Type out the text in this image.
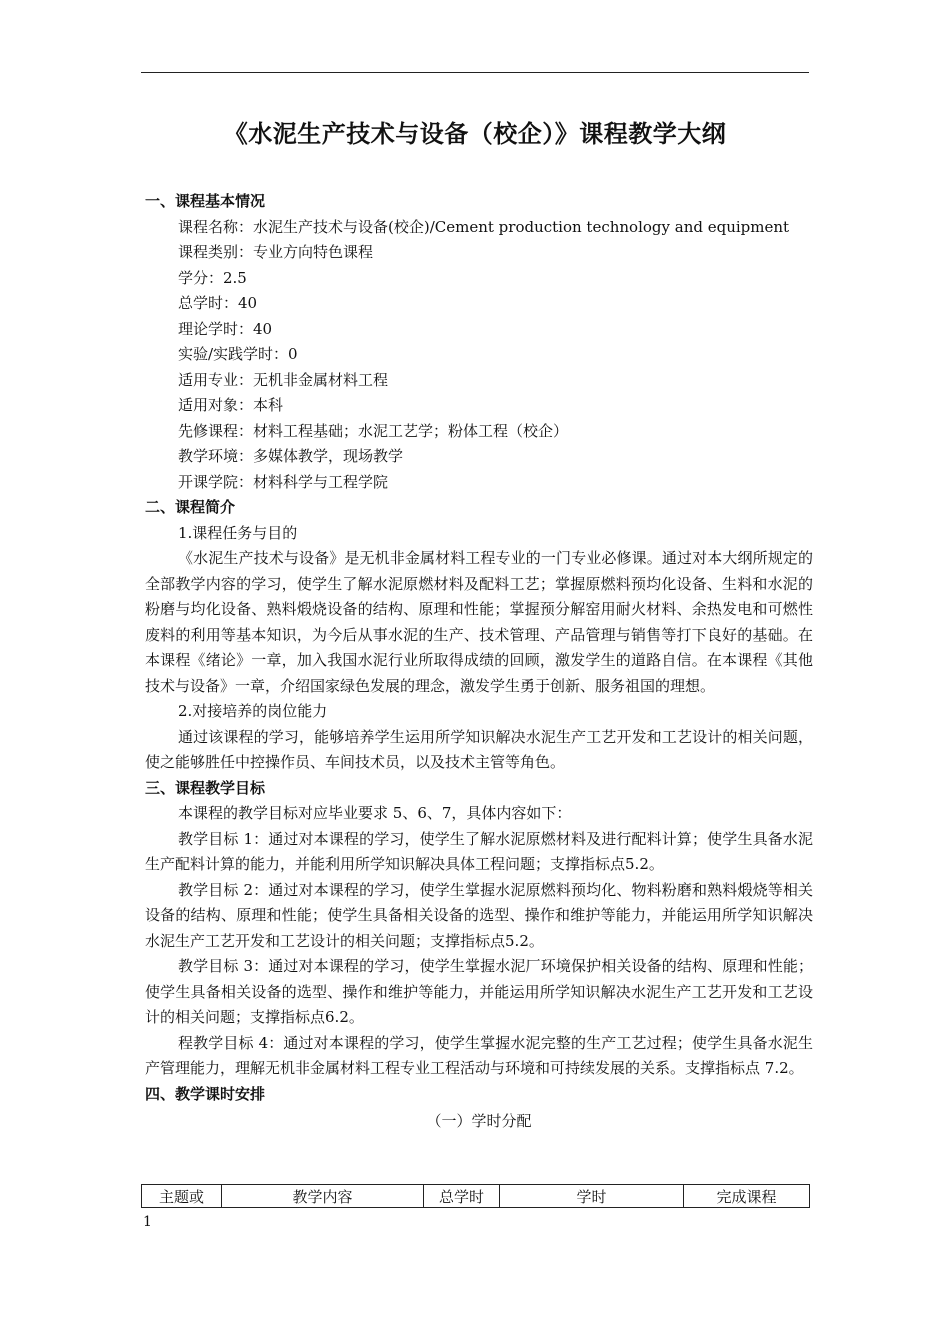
《水泥生产技术与设备（校企）》课程教学大纲
一、课程基本情况
课程名称：水泥生产技术与设备(校企)/Cement production technology and equipment
课程类别：专业方向特色课程
学分：2.5
总学时：40
理论学时：40
实验/实践学时：0
适用专业：无机非金属材料工程
适用对象：本科
先修课程：材料工程基础；水泥工艺学；粉体工程（校企）
教学环境：多媒体教学，现场教学
开课学院：材料科学与工程学院
二、课程简介
1.课程任务与目的
《水泥生产技术与设备》是无机非金属材料工程专业的一门专业必修课。通过对本大纲所规定的全部教学内容的学习，使学生了解水泥原燃材料及配料工艺；掌握原燃料预均化设备、生料和水泥的粉磨与均化设备、熟料煅烧设备的结构、原理和性能；掌握预分解窑用耐火材料、余热发电和可燃性废料的利用等基本知识，为今后从事水泥的生产、技术管理、产品管理与销售等打下良好的基础。在本课程《绪论》一章，加入我国水泥行业所取得成绩的回顾，激发学生的道路自信。在本课程《其他技术与设备》一章，介绍国家绿色发展的理念，激发学生勇于创新、服务祖国的理想。
2.对接培养的岗位能力
通过该课程的学习，能够培养学生运用所学知识解决水泥生产工艺开发和工艺设计的相关问题，使之能够胜任中控操作员、车间技术员，以及技术主管等角色。
三、课程教学目标
本课程的教学目标对应毕业要求 5、6、7，具体内容如下：
教学目标 1：通过对本课程的学习，使学生了解水泥原燃材料及进行配料计算；使学生具备水泥生产配料计算的能力，并能利用所学知识解决具体工程问题；支撑指标点5.2。
教学目标 2：通过对本课程的学习，使学生掌握水泥原燃料预均化、物料粉磨和熟料煅烧等相关设备的结构、原理和性能；使学生具备相关设备的选型、操作和维护等能力，并能运用所学知识解决水泥生产工艺开发和工艺设计的相关问题；支撑指标点5.2。
教学目标 3：通过对本课程的学习，使学生掌握水泥厂环境保护相关设备的结构、原理和性能；使学生具备相关设备的选型、操作和维护等能力，并能运用所学知识解决水泥生产工艺开发和工艺设计的相关问题；支撑指标点6.2。
程教学目标 4：通过对本课程的学习，使学生掌握水泥完整的生产工艺过程；使学生具备水泥生产管理能力，理解无机非金属材料工程专业工程活动与环境和可持续发展的关系。支撑指标点 7.2。
四、教学课时安排
（一）学时分配
主题或	教学内容	总学时	学时	完成课程
1
